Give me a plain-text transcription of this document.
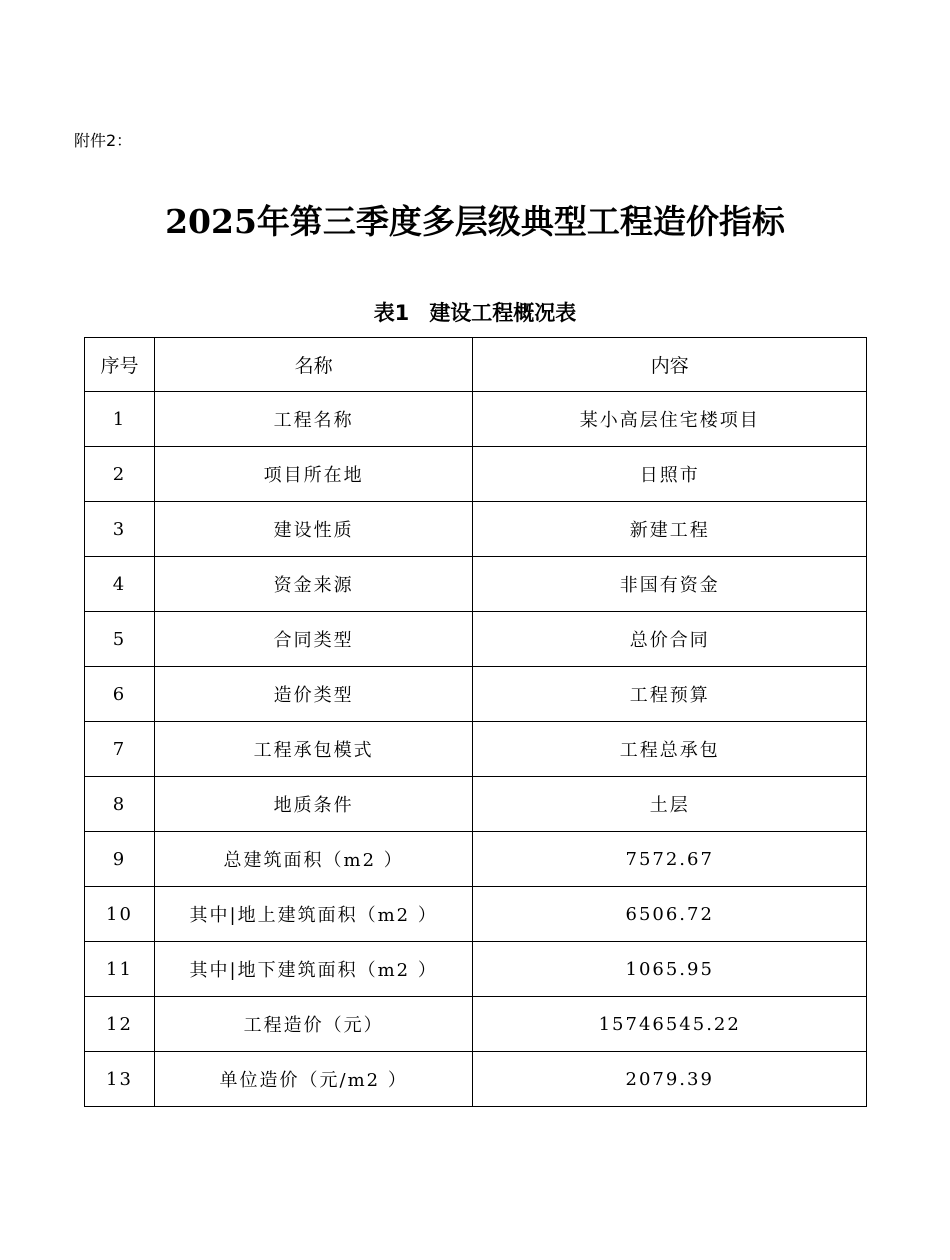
附件2：
2025年第三季度多层级典型工程造价指标
表1 建设工程概况表
序号	名称	内容
1	工程名称	某小高层住宅楼项目
2	项目所在地	日照市
3	建设性质	新建工程
4	资金来源	非国有资金
5	合同类型	总价合同
6	造价类型	工程预算
7	工程承包模式	工程总承包
8	地质条件	土层
9	总建筑面积（m2 ）	7572.67
10	其中|地上建筑面积（m2 ）	6506.72
11	其中|地下建筑面积（m2 ）	1065.95
12	工程造价（元）	15746545.22
13	单位造价（元/m2 ）	2079.39
